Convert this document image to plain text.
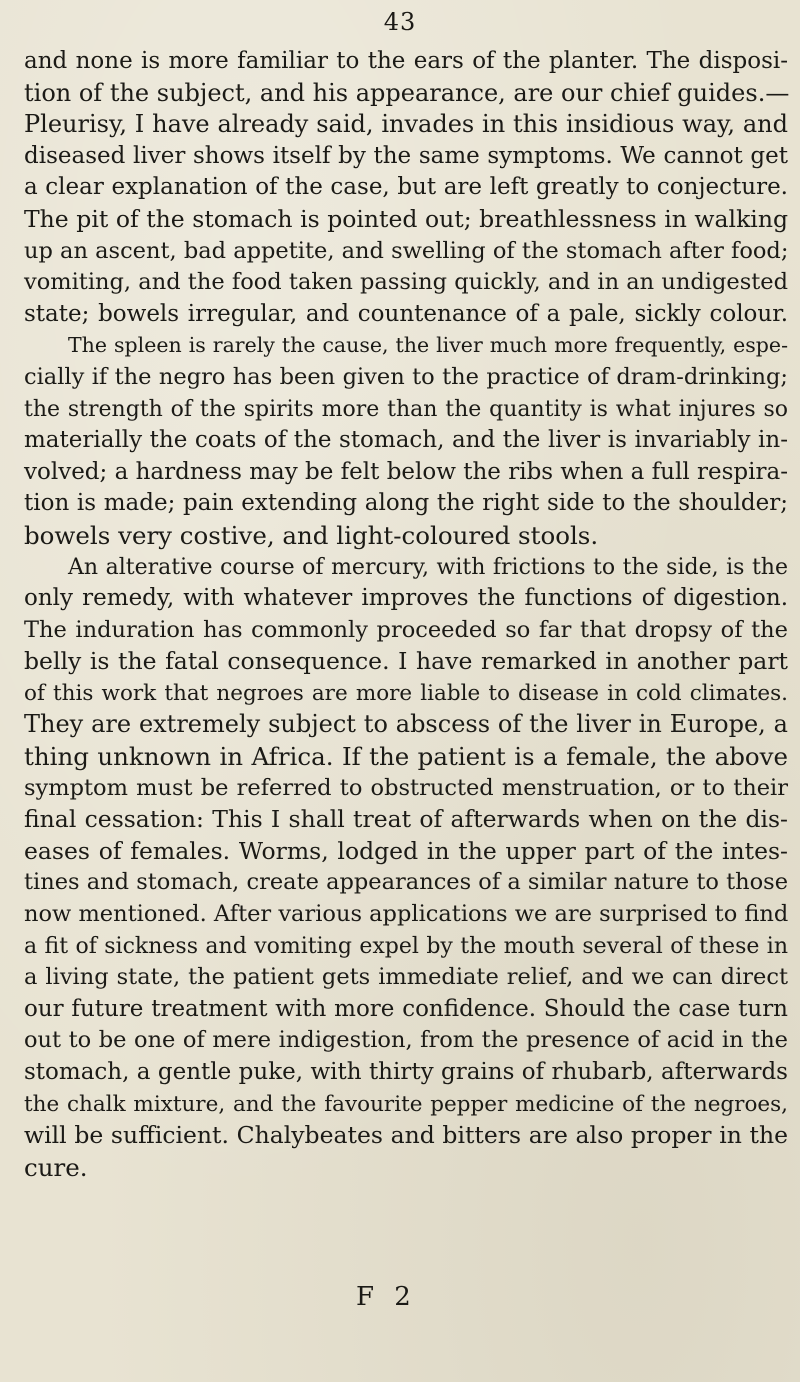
43
and none is more familiar to the ears of the planter. The disposi-
tion of the subject, and his appearance, are our chief guides.—
Pleurisy, I have already said, invades in this insidious way, and
diseased liver shows itself by the same symptoms. We cannot get
a clear explanation of the case, but are left greatly to conjecture.
The pit of the stomach is pointed out; breathlessness in walking
up an ascent, bad appetite, and swelling of the stomach after food;
vomiting, and the food taken passing quickly, and in an undigested
state; bowels irregular, and countenance of a pale, sickly colour.
The spleen is rarely the cause, the liver much more frequently, espe-
cially if the negro has been given to the practice of dram-drinking;
the strength of the spirits more than the quantity is what injures so
materially the coats of the stomach, and the liver is invariably in-
volved; a hardness may be felt below the ribs when a full respira-
tion is made; pain extending along the right side to the shoulder;
bowels very costive, and light-coloured stools.
An alterative course of mercury, with frictions to the side, is the
only remedy, with whatever improves the functions of digestion.
The induration has commonly proceeded so far that dropsy of the
belly is the fatal consequence. I have remarked in another part
of this work that negroes are more liable to disease in cold climates.
They are extremely subject to abscess of the liver in Europe, a
thing unknown in Africa. If the patient is a female, the above
symptom must be referred to obstructed menstruation, or to their
final cessation: This I shall treat of afterwards when on the dis-
eases of females. Worms, lodged in the upper part of the intes-
tines and stomach, create appearances of a similar nature to those
now mentioned. After various applications we are surprised to find
a fit of sickness and vomiting expel by the mouth several of these in
a living state, the patient gets immediate relief, and we can direct
our future treatment with more confidence. Should the case turn
out to be one of mere indigestion, from the presence of acid in the
stomach, a gentle puke, with thirty grains of rhubarb, afterwards
the chalk mixture, and the favourite pepper medicine of the negroes,
will be sufficient. Chalybeates and bitters are also proper in the
cure.
F 2
